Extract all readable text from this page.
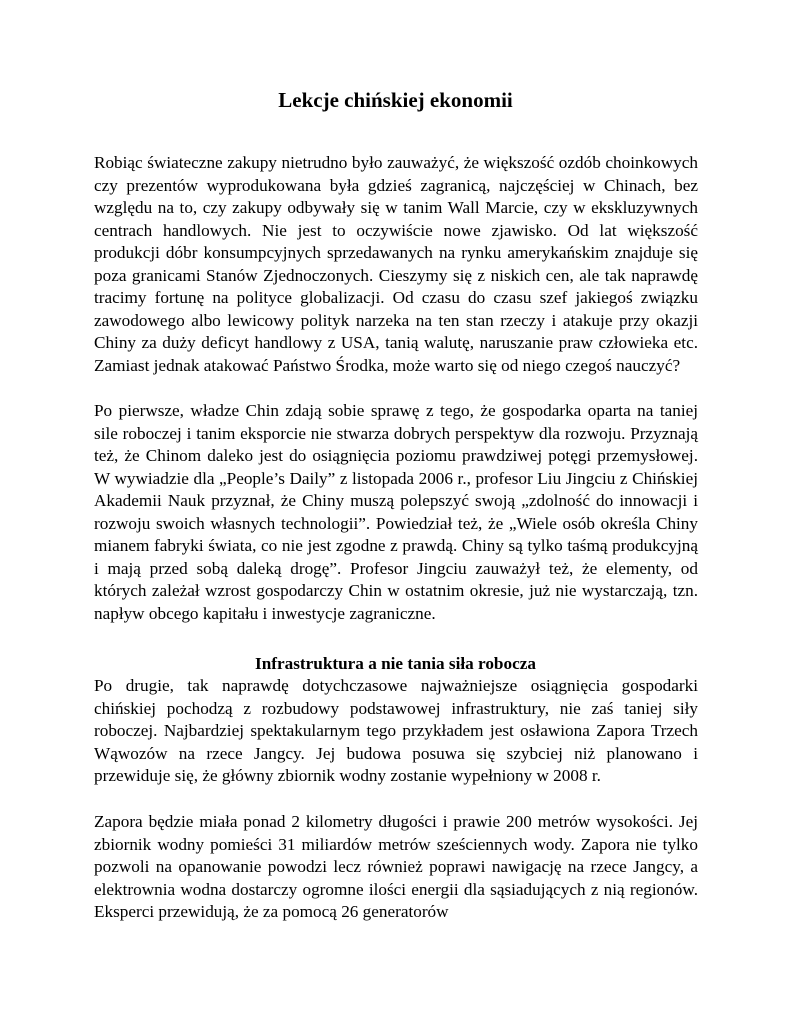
Lekcje chińskiej ekonomii

Robiąc świateczne zakupy nietrudno było zauważyć, że większość ozdób choinkowych czy prezentów wyprodukowana była gdzieś zagranicą, najczęściej w Chinach, bez względu na to, czy zakupy odbywały się w tanim Wall Marcie, czy w ekskluzywnych centrach handlowych. Nie jest to oczywiście nowe zjawisko. Od lat większość produkcji dóbr konsumpcyjnych sprzedawanych na rynku amerykańskim znajduje się poza granicami Stanów Zjednoczonych. Cieszymy się z niskich cen, ale tak naprawdę tracimy fortunę na polityce globalizacji. Od czasu do czasu szef jakiegoś związku zawodowego albo lewicowy polityk narzeka na ten stan rzeczy i atakuje przy okazji Chiny za duży deficyt handlowy z USA, tanią walutę, naruszanie praw człowieka etc. Zamiast jednak atakować Państwo Środka, może warto się od niego czegoś nauczyć?

Po pierwsze, władze Chin zdają sobie sprawę z tego, że gospodarka oparta na taniej sile roboczej i tanim eksporcie nie stwarza dobrych perspektyw dla rozwoju. Przyznają też, że Chinom daleko jest do osiągnięcia poziomu prawdziwej potęgi przemysłowej. W wywiadzie dla „People’s Daily” z listopada 2006 r., profesor Liu Jingciu z Chińskiej Akademii Nauk przyznał, że Chiny muszą polepszyć swoją „zdolność do innowacji i rozwoju swoich własnych technologii”. Powiedział też, że „Wiele osób określa Chiny mianem fabryki świata, co nie jest zgodne z prawdą. Chiny są tylko taśmą produkcyjną i mają przed sobą daleką drogę”. Profesor Jingciu zauważył też, że elementy, od których zależał wzrost gospodarczy Chin w ostatnim okresie, już nie wystarczają, tzn. napływ obcego kapitału i inwestycje zagraniczne.

Infrastruktura a nie tania siła robocza

Po drugie, tak naprawdę dotychczasowe najważniejsze osiągnięcia gospodarki chińskiej pochodzą z rozbudowy podstawowej infrastruktury, nie zaś taniej siły roboczej. Najbardziej spektakularnym tego przykładem jest osławiona Zapora Trzech Wąwozów na rzece Jangcy. Jej budowa posuwa się szybciej niż planowano i przewiduje się, że główny zbiornik wodny zostanie wypełniony w 2008 r.

Zapora będzie miała ponad 2 kilometry długości i prawie 200 metrów wysokości. Jej zbiornik wodny pomieści 31 miliardów metrów sześciennych wody. Zapora nie tylko pozwoli na opanowanie powodzi lecz również poprawi nawigację na rzece Jangcy, a elektrownia wodna dostarczy ogromne ilości energii dla sąsiadujących z nią regionów. Eksperci przewidują, że za pomocą 26 generatorów
